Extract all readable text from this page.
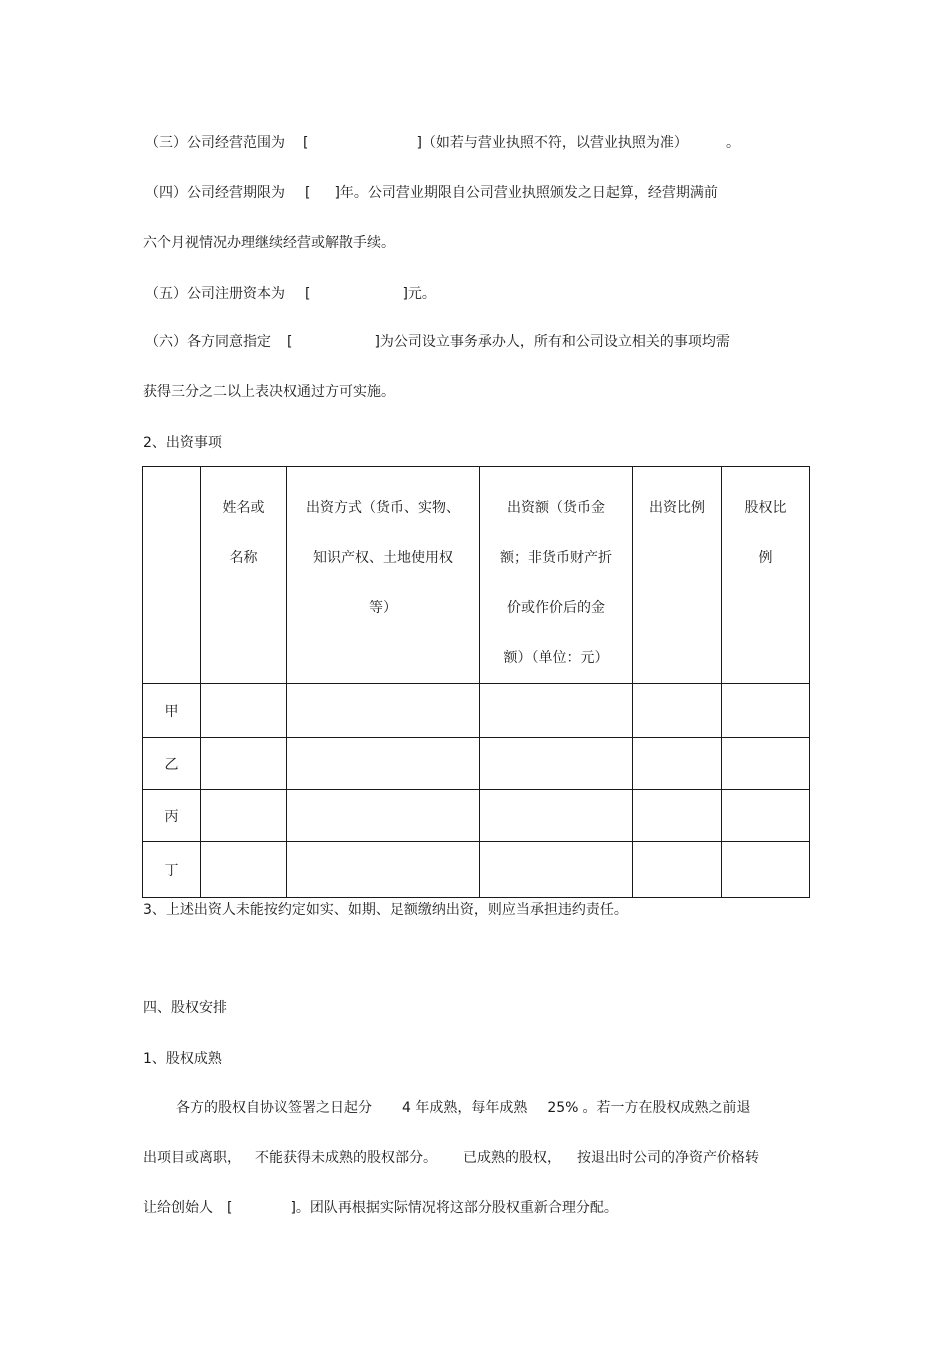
（三）公司经营范围为 [	]（如若与营业执照不符，以营业执照为准）	。
（四）公司经营期限为 [ ]年。公司营业期限自公司营业执照颁发之日起算，经营期满前
六个月视情况办理继续经营或解散手续。
（五）公司注册资本为 [	]元。
（六）各方同意指定 [	]为公司设立事务承办人，所有和公司设立相关的事项均需
获得三分之二以上表决权通过方可实施。
2、出资事项

	姓名或
名称	出资方式（货币、实物、
知识产权、土地使用权
等）	出资额（货币金
额；非货币财产折
价或作价后的金
额）（单位：元）	出资比例	股权比
例

甲					
乙					
丙					
丁					
3、上述出资人未能按约定如实、如期、足额缴纳出资，则应当承担违约责任。
四、股权安排
1、股权成熟
各方的股权自协议签署之日起分 4 年成熟，每年成熟 25% 。若一方在股权成熟之前退
出项目或离职， 不能获得未成熟的股权部分。 已成熟的股权， 按退出时公司的净资产价格转
让给创始人 [	]。团队再根据实际情况将这部分股权重新合理分配。
